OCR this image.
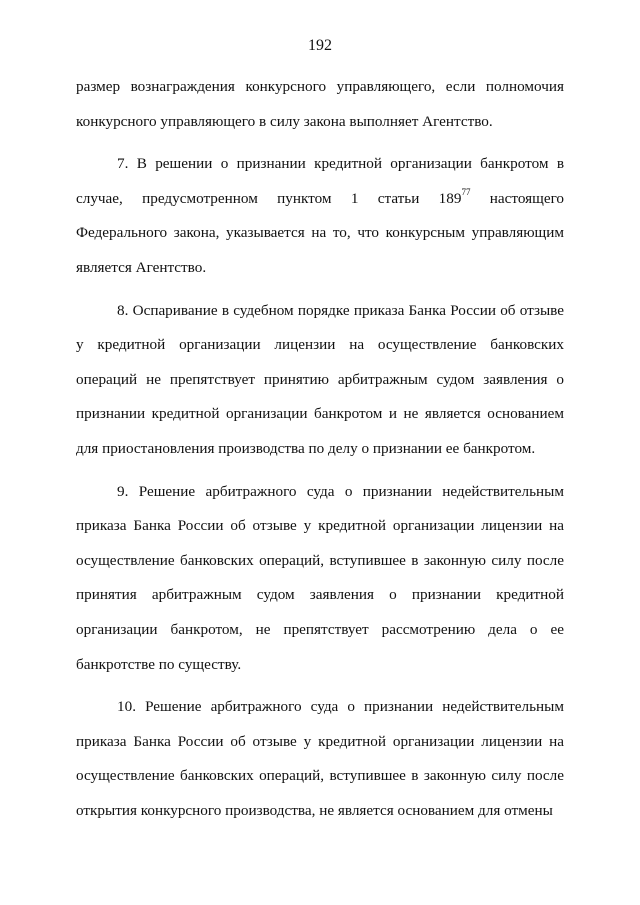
192

размер вознаграждения конкурсного управляющего, если полномочия конкурсного управляющего в силу закона выполняет Агентство.

7. В решении о признании кредитной организации банкротом в случае, предусмотренном пунктом 1 статьи $189^{77}$ настоящего Федерального закона, указывается на то, что конкурсным управляющим является Агентство.

8. Оспаривание в судебном порядке приказа Банка России об отзыве у кредитной организации лицензии на осуществление банковских операций не препятствует принятию арбитражным судом заявления о признании кредитной организации банкротом и не является основанием для приостановления производства по делу о признании ее банкротом.

9. Решение арбитражного суда о признании недействительным приказа Банка России об отзыве у кредитной организации лицензии на осуществление банковских операций, вступившее в законную силу после принятия арбитражным судом заявления о признании кредитной организации банкротом, не препятствует рассмотрению дела о ее банкротстве по существу.

10. Решение арбитражного суда о признании недействительным приказа Банка России об отзыве у кредитной организации лицензии на осуществление банковских операций, вступившее в законную силу после открытия конкурсного производства, не является основанием для отмены
